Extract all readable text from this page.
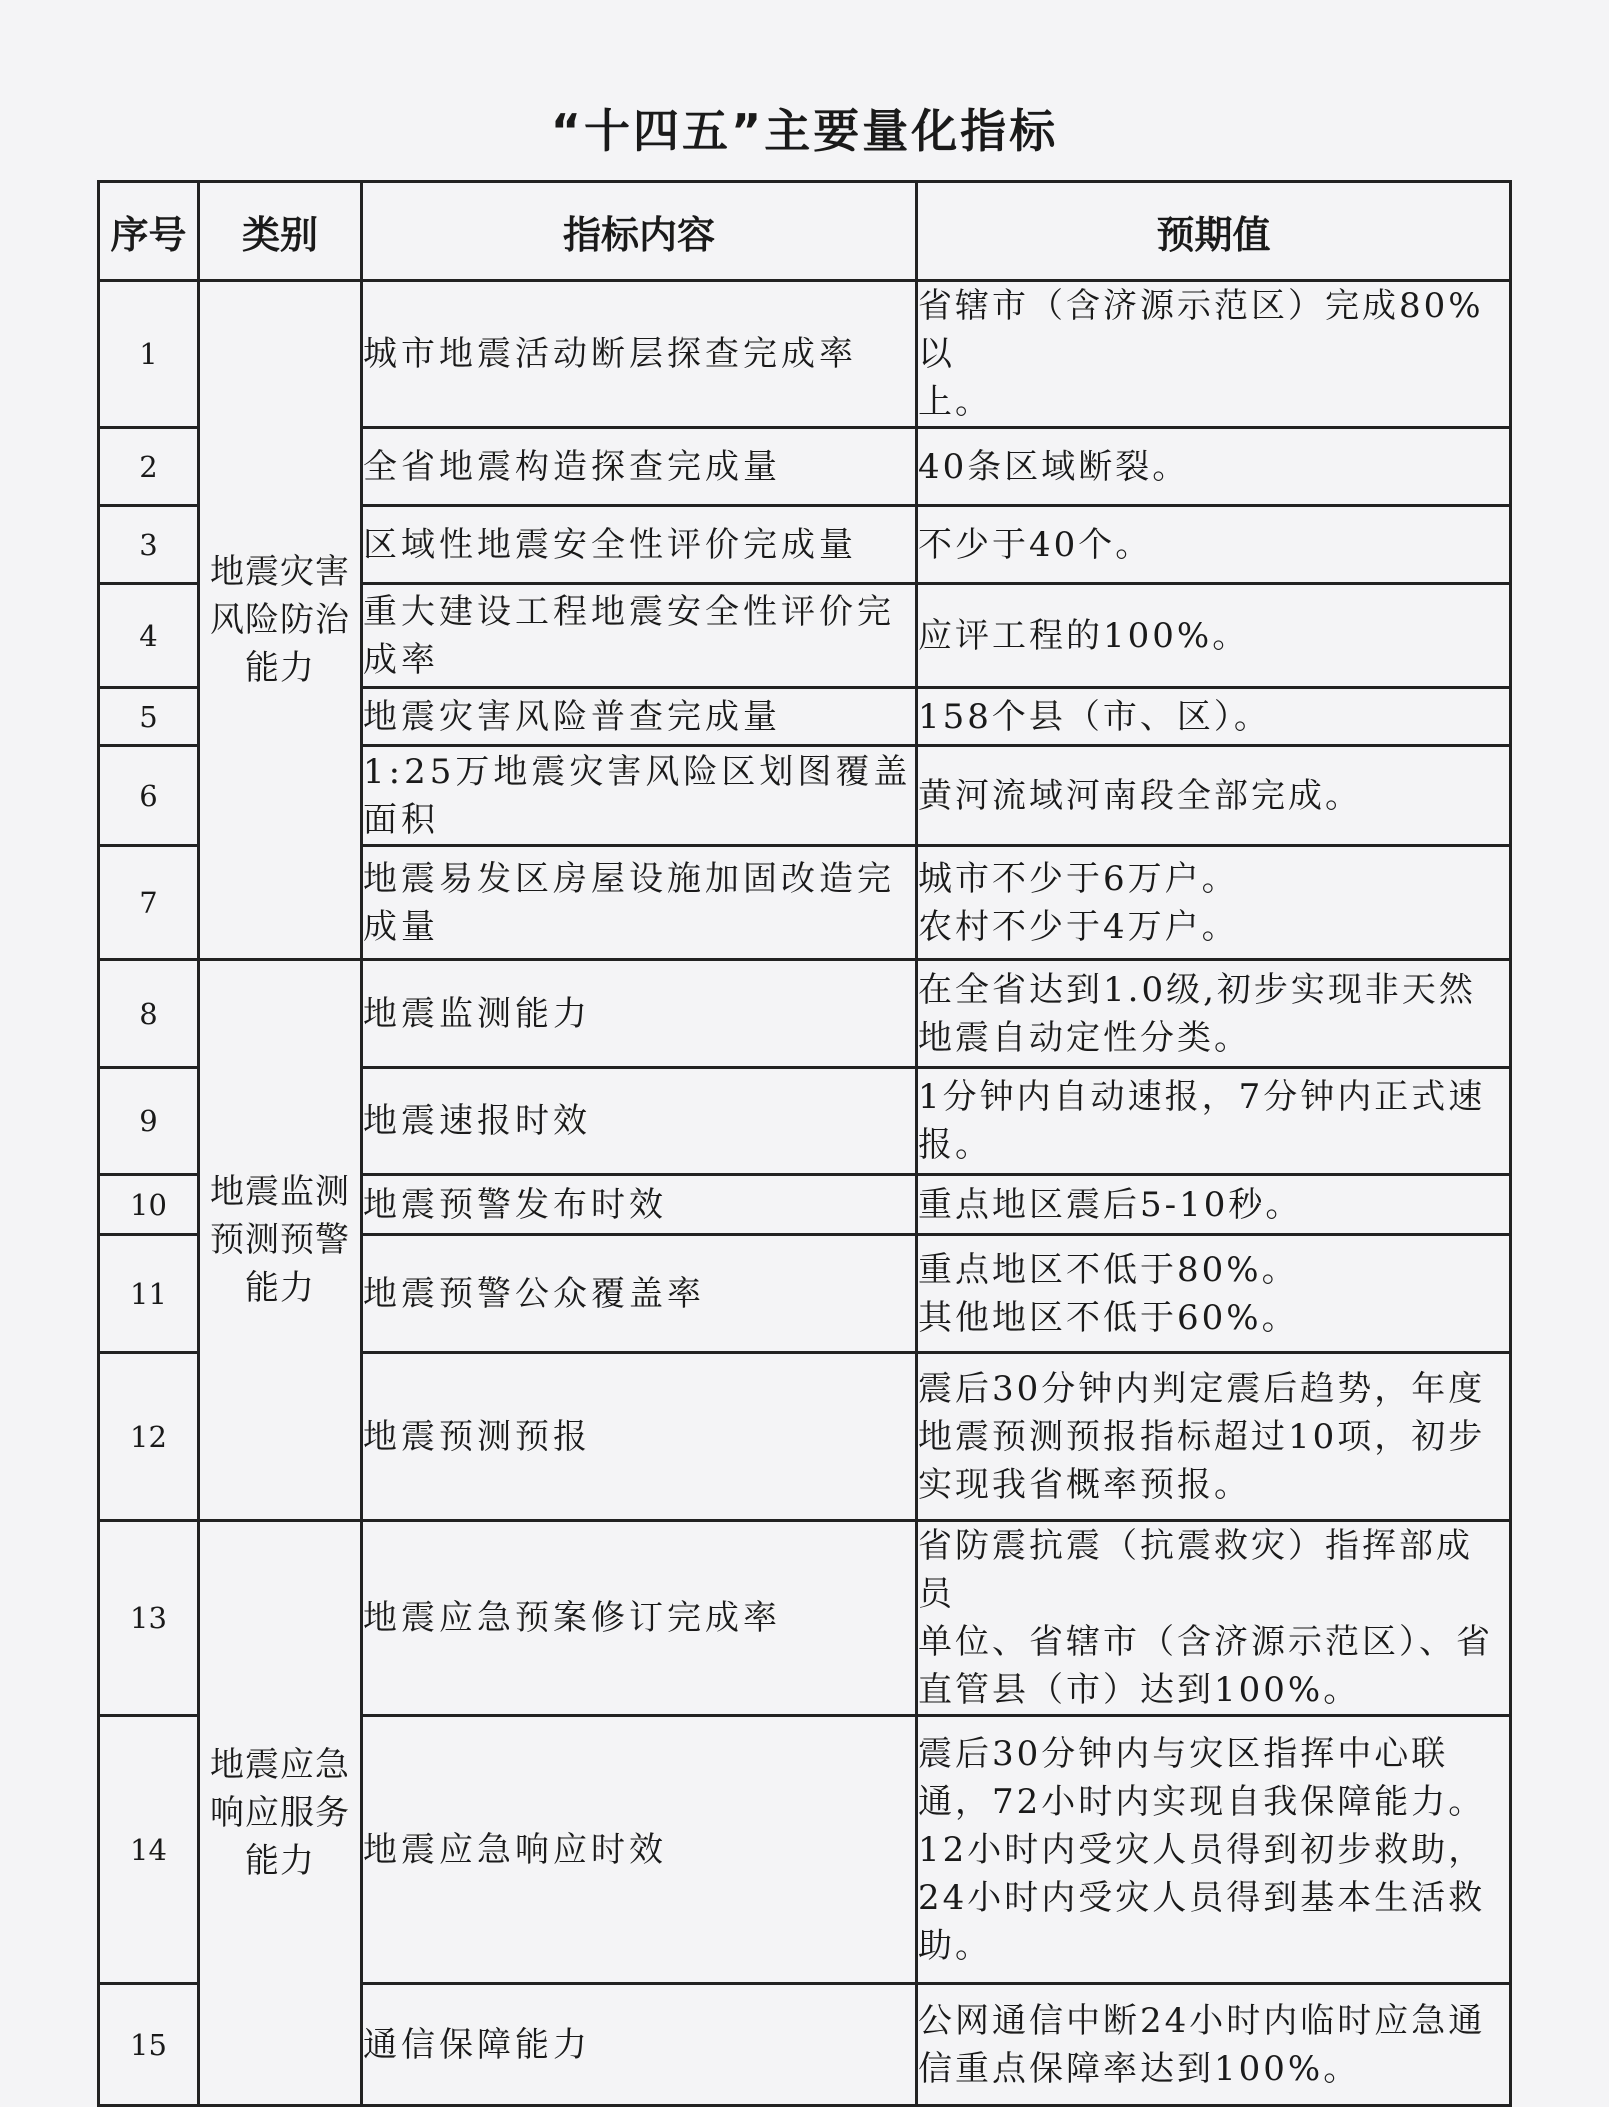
“十四五”主要量化指标
序号	类别	指标内容	预期值
1	地震灾害
风险防治
能力	城市地震活动断层探查完成率	省辖市（含济源示范区）完成80%以
上。

2		全省地震构造探查完成量	40条区域断裂。

3		区域性地震安全性评价完成量	不少于40个。

4		重大建设工程地震安全性评价完
成率	应评工程的100%。

5		地震灾害风险普查完成量	158个县（市、区）。

6		1:25万地震灾害风险区划图覆盖
面积	黄河流域河南段全部完成。

7		地震易发区房屋设施加固改造完
成量	城市不少于6万户。
农村不少于4万户。

8	地震监测
预测预警
能力	地震监测能力	在全省达到1.0级,初步实现非天然
地震自动定性分类。

9		地震速报时效	1分钟内自动速报，7分钟内正式速
报。

10		地震预警发布时效	重点地区震后5-10秒。

11		地震预警公众覆盖率	重点地区不低于80%。
其他地区不低于60%。

12		地震预测预报	震后30分钟内判定震后趋势，年度
地震预测预报指标超过10项，初步
实现我省概率预报。

13	地震应急
响应服务
能力	地震应急预案修订完成率	省防震抗震（抗震救灾）指挥部成员
单位、省辖市（含济源示范区）、省
直管县（市）达到100%。

14		地震应急响应时效	震后30分钟内与灾区指挥中心联
通，72小时内实现自我保障能力。
12小时内受灾人员得到初步救助，
24小时内受灾人员得到基本生活救
助。

15		通信保障能力	公网通信中断24小时内临时应急通
信重点保障率达到100%。
